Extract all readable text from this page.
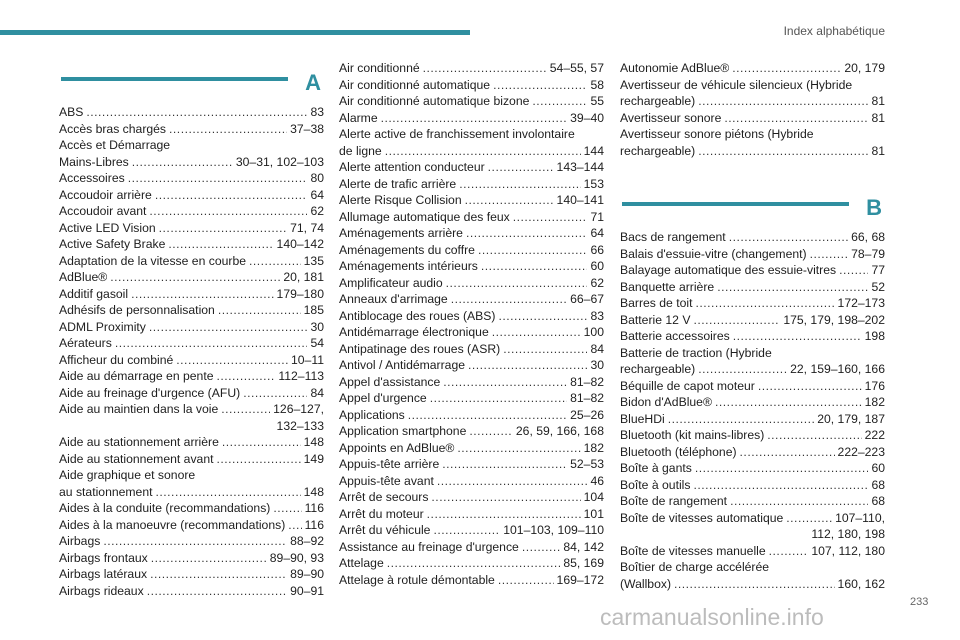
Index alphabétique
A
ABS .....	83
Accès bras chargés .....	37–38
Accès et Démarrage
Mains-Libres .....	30–31, 102–103
Accessoires .....	80
Accoudoir arrière .....	64
Accoudoir avant .....	62
Active LED Vision .....	71, 74
Active Safety Brake .....	140–142
Adaptation de la vitesse en courbe .....	135
AdBlue® .....	20, 181
Additif gasoil .....	179–180
Adhésifs de personnalisation .....	185
ADML Proximity .....	30
Aérateurs .....	54
Afficheur du combiné .....	10–11
Aide au démarrage en pente .....	112–113
Aide au freinage d'urgence (AFU) .....	84
Aide au maintien dans la voie .....	126–127,
132–133
Aide au stationnement arrière .....	148
Aide au stationnement avant .....	149
Aide graphique et sonore
au stationnement .....	148
Aides à la conduite (recommandations) .....	116
Aides à la manoeuvre (recommandations) ..... 116
Airbags .....	88–92
Airbags frontaux .....	89–90, 93
Airbags latéraux .....	89–90
Airbags rideaux .....	90–91
Air conditionné .....	54–55, 57
Air conditionné automatique .....	58
Air conditionné automatique bizone .....	55
Alarme .....	39–40
Alerte active de franchissement involontaire
de ligne .....	144
Alerte attention conducteur .....	143–144
Alerte de trafic arrière .....	153
Alerte Risque Collision .....	140–141
Allumage automatique des feux .....	71
Aménagements arrière .....	64
Aménagements du coffre .....	66
Aménagements intérieurs .....	60
Amplificateur audio .....	62
Anneaux d'arrimage .....	66–67
Antiblocage des roues (ABS) .....	83
Antidémarrage électronique .....	100
Antipatinage des roues (ASR) .....	84
Antivol / Antidémarrage .....	30
Appel d'assistance .....	81–82
Appel d'urgence .....	81–82
Applications .....	25–26
Application smartphone .....	26, 59, 166, 168
Appoints en AdBlue® .....	182
Appuis-tête arrière .....	52–53
Appuis-tête avant .....	46
Arrêt de secours .....	104
Arrêt du moteur .....	101
Arrêt du véhicule .....	101–103, 109–110
Assistance au freinage d'urgence .....	84, 142
Attelage .....	85, 169
Attelage à rotule démontable .....	169–172
Autonomie AdBlue® .....	20, 179
Avertisseur de véhicule silencieux (Hybride
rechargeable) .....	81
Avertisseur sonore .....	81
Avertisseur sonore piétons (Hybride
rechargeable) .....	81
B
Bacs de rangement .....	66, 68
Balais d'essuie-vitre (changement) .....	78–79
Balayage automatique des essuie-vitres .....	77
Banquette arrière .....	52
Barres de toit .....	172–173
Batterie 12 V .....	175, 179, 198–202
Batterie accessoires .....	198
Batterie de traction (Hybride
rechargeable) .....	22, 159–160, 166
Béquille de capot moteur .....	176
Bidon d'AdBlue® .....	182
BlueHDi .....	20, 179, 187
Bluetooth (kit mains-libres) .....	222
Bluetooth (téléphone) .....	222–223
Boîte à gants .....	60
Boîte à outils .....	68
Boîte de rangement .....	68
Boîte de vitesses automatique .....	107–110,
112, 180, 198
Boîte de vitesses manuelle .....	107, 112, 180
Boîtier de charge accélérée
(Wallbox) .....	160, 162
233
carmanualsonline.info
